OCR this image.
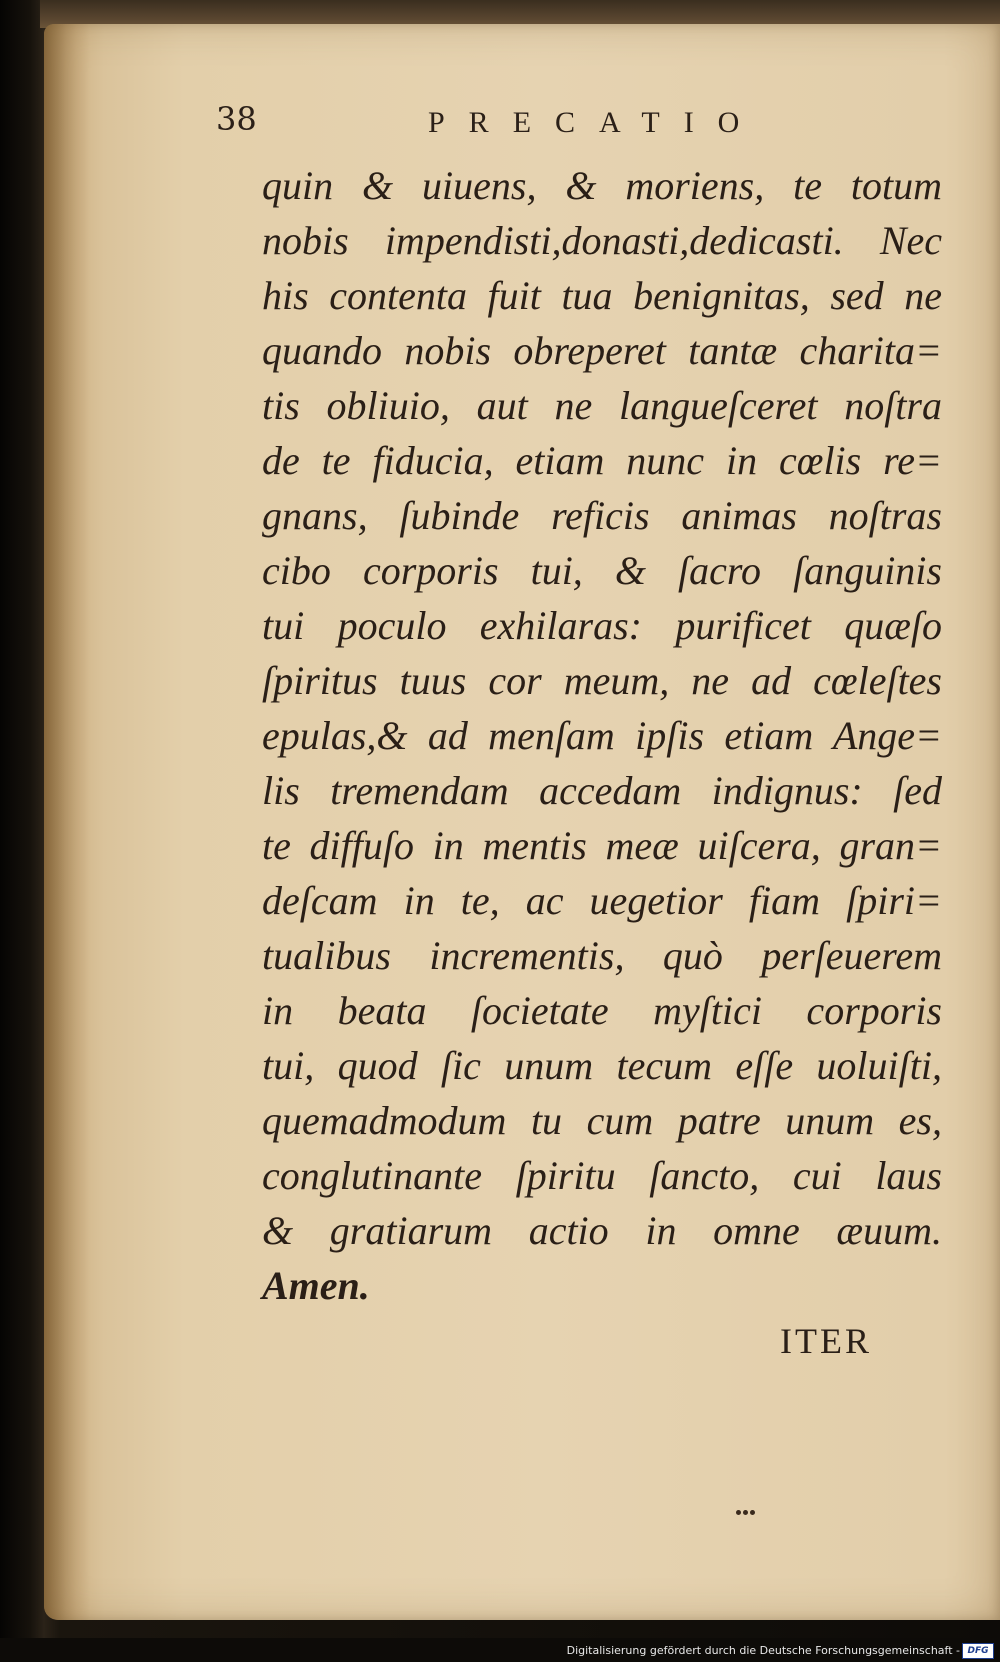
38	PRECATIO
quin & uiuens, & moriens, te totum
nobis impendisti,donasti,dedicasti. Nec
his contenta fuit tua benignitas, sed ne
quando nobis obreperet tantæ charita=
tis obliuio, aut ne langueſceret noſtra
de te fiducia, etiam nunc in cœlis re=
gnans, ſubinde reficis animas noſtras
cibo corporis tui, & ſacro ſanguinis
tui poculo exhilaras: purificet quæſo
ſpiritus tuus cor meum, ne ad cœleſtes
epulas,& ad menſam ipſis etiam Ange=
lis tremendam accedam indignus: ſed
te diffuſo in mentis meæ uiſcera, gran=
deſcam in te, ac uegetior fiam ſpiri=
tualibus incrementis, quò perſeuerem
in beata ſocietate myſtici corporis
tui, quod ſic unum tecum eſſe uoluiſti,
quemadmodum tu cum patre unum es,
conglutinante ſpiritu ſancto, cui laus
& gratiarum actio in omne æuum.
Amen.
ITER
Digitalisierung gefördert durch die Deutsche Forschungsgemeinschaft - DFG
